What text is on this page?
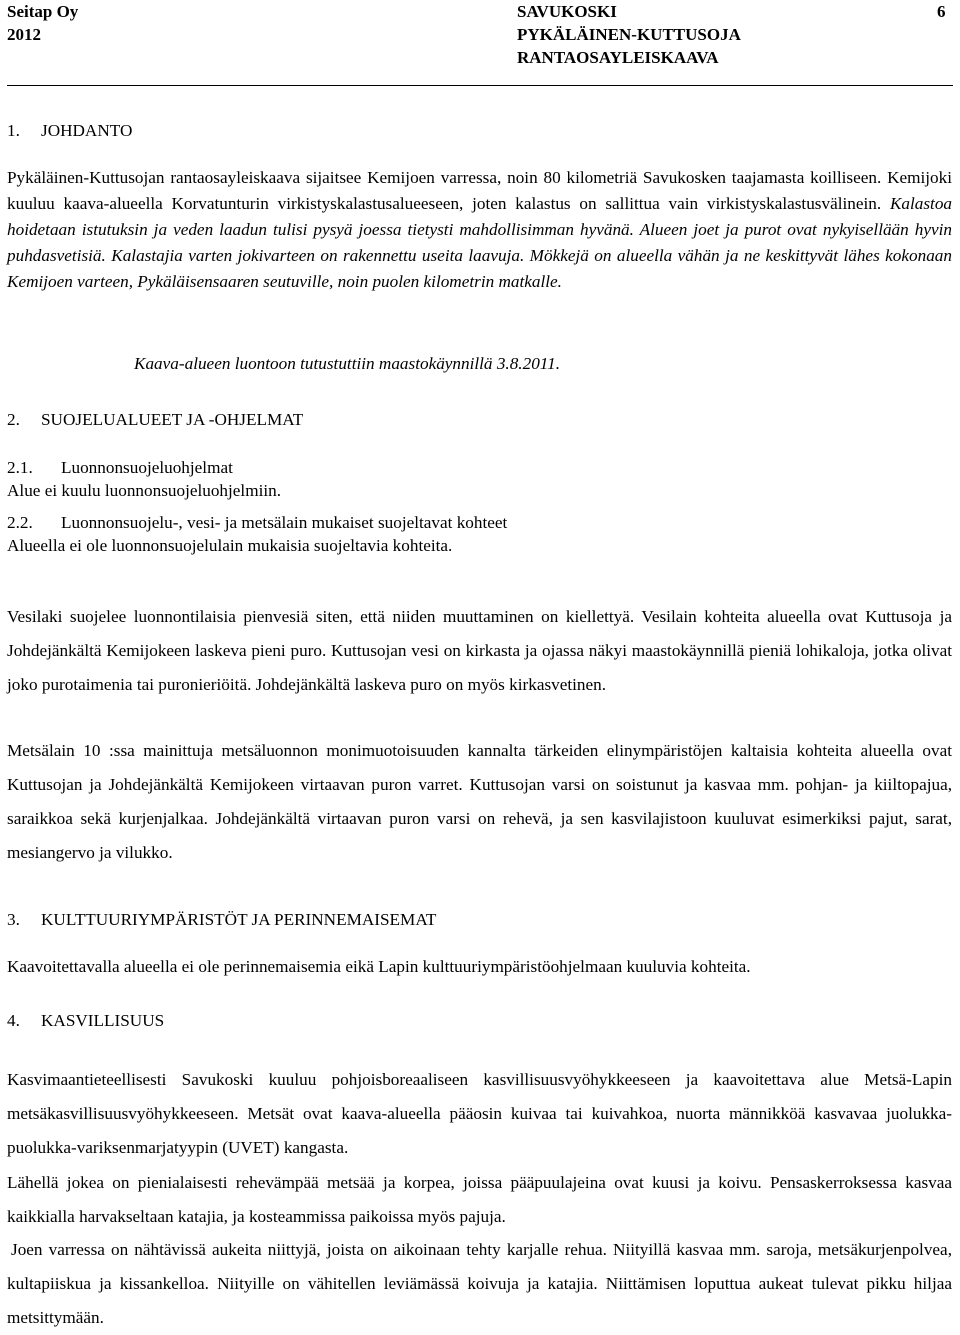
Seitap Oy
2012
SAVUKOSKI
PYKÄLÄINEN-KUTTUSOJA
RANTAOSAYLEISKAAVA
6
1. JOHDANTO

Pykäläinen-Kuttusojan rantaosayleiskaava sijaitsee Kemijoen varressa, noin 80 kilometriä Savukosken taajamasta koilliseen. Kemijoki kuuluu kaava-alueella Korvatunturin virkistyskalastusalueeseen, joten kalastus on sallittua vain virkistyskalastusvälinein. Kalastoa hoidetaan istutuksin ja veden laadun tulisi pysyä joessa tietysti mahdollisimman hyvänä. Alueen joet ja purot ovat nykyisellään hyvin puhdasvetisiä. Kalastajia varten jokivarteen on rakennettu useita laavuja. Mökkejä on alueella vähän ja ne keskittyvät lähes kokonaan Kemijoen varteen, Pykäläisensaaren seutuville, noin puolen kilometrin matkalle.

Kaava-alueen luontoon tutustuttiin maastokäynnillä 3.8.2011.
2. SUOJELUALUEET JA -OHJELMAT
2.1. Luonnonsuojeluohjelmat
Alue ei kuulu luonnonsuojeluohjelmiin.
2.2. Luonnonsuojelu-, vesi- ja metsälain mukaiset suojeltavat kohteet
Alueella ei ole luonnonsuojelulain mukaisia suojeltavia kohteita.

Vesilaki suojelee luonnontilaisia pienvesiä siten, että niiden muuttaminen on kiellettyä. Vesilain kohteita alueella ovat Kuttusoja ja Johdejänkältä Kemijokeen laskeva pieni puro. Kuttusojan vesi on kirkasta ja ojassa näkyi maastokäynnillä pieniä lohikaloja, jotka olivat joko purotaimenia tai puronieriöitä. Johdejänkältä laskeva puro on myös kirkasvetinen.

Metsälain 10 :ssa mainittuja metsäluonnon monimuotoisuuden kannalta tärkeiden elinympäristöjen kaltaisia kohteita alueella ovat Kuttusojan ja Johdejänkältä Kemijokeen virtaavan puron varret. Kuttusojan varsi on soistunut ja kasvaa mm. pohjan- ja kiiltopajua, saraikkoa sekä kurjenjalkaa. Johdejänkältä virtaavan puron varsi on rehevä, ja sen kasvilajistoon kuuluvat esimerkiksi pajut, sarat, mesiangervo ja vilukko.

3. KULTTUURIYMPÄRISTÖT JA PERINNEMAISEMAT

Kaavoitettavalla alueella ei ole perinnemaisemia eikä Lapin kulttuuriympäristöohjelmaan kuuluvia kohteita.

4. KASVILLISUUS

Kasvimaantieteellisesti Savukoski kuuluu pohjoisboreaaliseen kasvillisuusvyöhykkeeseen ja kaavoitettava alue Metsä-Lapin metsäkasvillisuusvyöhykkeeseen. Metsät ovat kaava-alueella pääosin kuivaa tai kuivahkoa, nuorta männikköä kasvavaa juolukka-puolukka-variksenmarjatyypin (UVET) kangasta.

Lähellä jokea on pienialaisesti rehevämpää metsää ja korpea, joissa pääpuulajeina ovat kuusi ja koivu. Pensaskerroksessa kasvaa kaikkialla harvakseltaan katajia, ja kosteammissa paikoissa myös pajuja.

Joen varressa on nähtävissä aukeita niittyjä, joista on aikoinaan tehty karjalle rehua. Niityillä kasvaa mm. saroja, metsäkurjenpolvea, kultapiiskua ja kissankelloa. Niityille on vähitellen leviämässä koivuja ja katajia. Niittämisen loputtua aukeat tulevat pikku hiljaa metsittymään.
